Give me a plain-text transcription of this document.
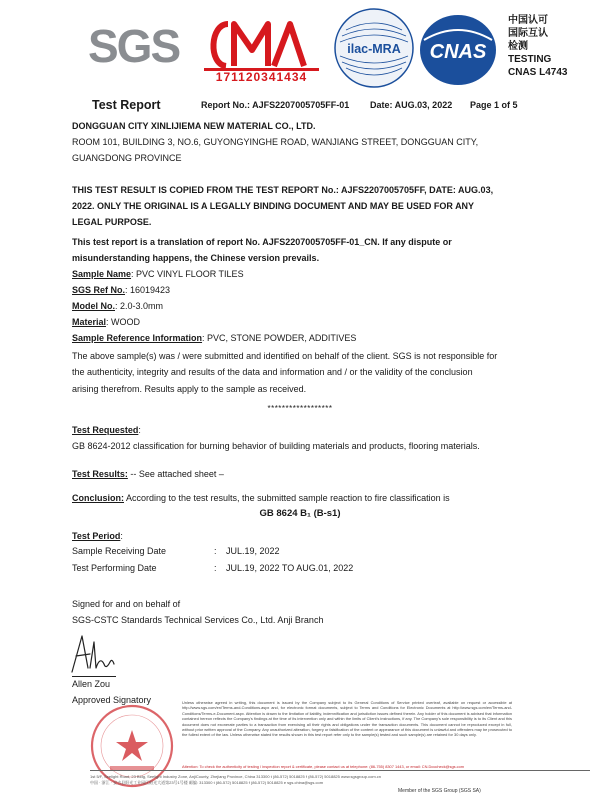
SGS
171120341434
ilac-MRA CNAS
中国认可
国际互认
检测
TESTING
CNAS L4743
Test Report	Report No.: AJFS2207005705FF-01 Date: AUG.03, 2022 Page 1 of 5
DONGGUAN CITY XINLIJIEMA NEW MATERIAL CO., LTD.
ROOM 101, BUILDING 3, NO.6, GUYONGYINGHE ROAD, WANJIANG STREET, DONGGUAN CITY,
GUANGDONG PROVINCE
THIS TEST RESULT IS COPIED FROM THE TEST REPORT No.: AJFS2207005705FF, DATE: AUG.03,
2022. ONLY THE ORIGINAL IS A LEGALLY BINDING DOCUMENT AND MAY BE USED FOR ANY
LEGAL PURPOSE.
This test report is a translation of report No. AJFS2207005705FF-01_CN. If any dispute or
misunderstanding happens, the Chinese version prevails.
Sample Name: PVC VINYL FLOOR TILES
SGS Ref No.: 16019423
Model No.: 2.0-3.0mm
Material: WOOD
Sample Reference Information: PVC, STONE POWDER, ADDITIVES
The above sample(s) was / were submitted and identified on behalf of the client. SGS is not responsible for
the authenticity, integrity and results of the data and information and / or the validity of the conclusion
arising therefrom. Results apply to the sample as received.
******************
Test Requested:
GB 8624-2012 classification for burning behavior of building materials and products, flooring materials.
Test Results: -- See attached sheet –
Conclusion: According to the test results, the submitted sample reaction to fire classification is
GB 8624 B₁ (B-s1)
Test Period:
Sample Receiving Date	: JUL.19, 2022
Test Performing Date	: JUL.19, 2022 TO AUG.01, 2022
Signed for and on behalf of
SGS-CSTC Standards Technical Services Co., Ltd. Anji Branch
Allen Zou
Approved Signatory	Unless otherwise agreed in writing, this document is issued by the Company subject to its General Conditions of Service printed overleaf, available on request or accessible at http://www.sgs.com/en/Terms-and-Conditions.aspx and, for electronic format documents, subject to Terms and Conditions for Electronic Documents at http://www.sgs.com/en/Terms-and-Conditions/Terms-e-Document.aspx. Attention is drawn to the limitation of liability, indemnification and jurisdiction issues defined therein. Any holder of this document is advised that information contained hereon reflects the Company's findings at the time of its intervention only and within the limits of Client's instructions, if any. The Company's sole responsibility is to its Client and this document does not exonerate parties to a transaction from exercising all their rights and obligations under the transaction documents. This document cannot be reproduced except in full, without prior written approval of the Company. Any unauthorized alteration, forgery or falsification of the content or appearance of this document is unlawful and offenders may be prosecuted to the fullest extent of the law. Unless otherwise stated the results shown in this test report refer only to the sample(s) tested and such sample(s) are retained for 30 days only.
Attention: To check the authenticity of testing / inspection report & certificate, please contact us at telephone: (86-755) 8307 1443, or email: CN.Doccheck@sgs.com
1st 5/F, Seelight Road, 23 Bldg, Seelight Industry Zone, AnjiCounty, Zhejiang Province, China 313300 t (86-572) 5018825 f (86-572) 5018825 www.sgsgroup.com.cn
中国 · 浙江 · 安吉县阳光工业园区阳光大道第23号1号楼 邮编: 313300 t (86-572) 5018825 f (86-572) 5018825 e sgs.china@sgs.com
Member of the SGS Group (SGS SA)
